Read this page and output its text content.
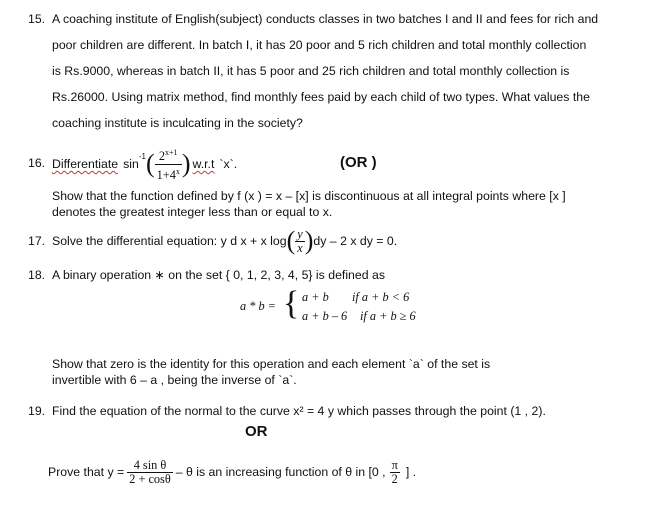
15. A coaching institute of English(subject) conducts classes in two batches I and II and fees for rich and
poor children are different. In batch I, it has 20 poor and 5 rich children and total monthly collection
is Rs.9000, whereas in batch II, it has 5 poor and 25 rich children and total monthly collection is
Rs.26000. Using matrix method, find monthly fees paid by each child of two types. What values the
coaching institute is inculcating in the society?
16. Differentiate sin
-1 ( $\frac{2^{x+1}}{1+4^x}$ ) w.r.t `x`.	(OR )
Show that the function defined by f (x ) = x – [x] is discontinuous at all integral points where [x ]
denotes the greatest integer less than or equal to x.
17. Solve the differential equation: y d x + x log ( $\frac{y}{x}$ ) dy – 2 x dy = 0.
18. A binary operation ∗ on the set { 0, 1, 2, 3, 4, 5} is defined as
a * b = { a + b if a + b < 6
a + b – 6 if a + b ≥ 6
Show that zero is the identity for this operation and each element `a` of the set is
invertible with 6 – a , being the inverse of `a`.
19. Find the equation of the normal to the curve x² = 4 y which passes through the point (1 , 2).
OR
Prove that $y = \frac{\text{4 sin θ}}{2 + \cos\theta} - \theta$ is an increasing function of θ in [0 , $\frac{\pi}{2}$ ] .
